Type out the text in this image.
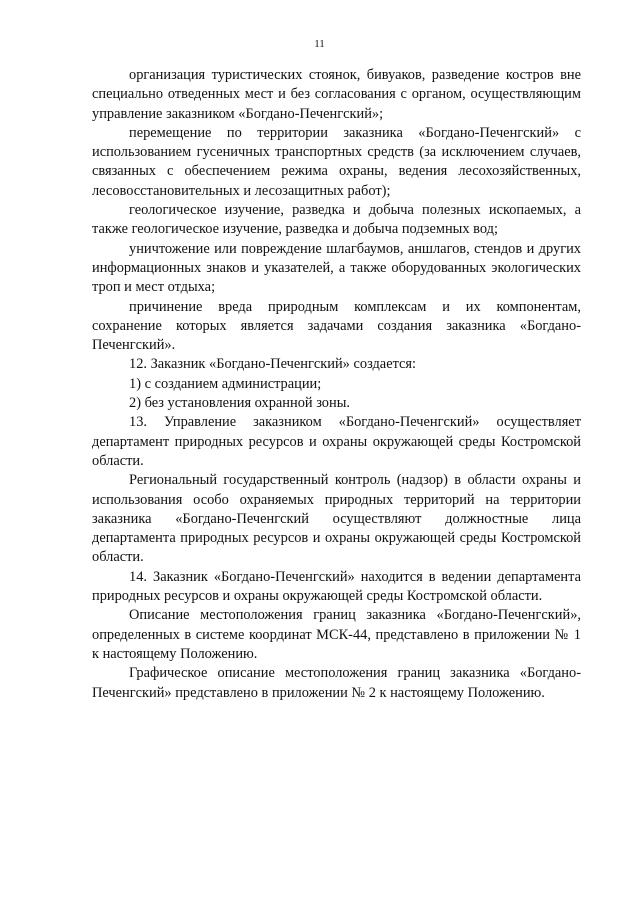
11

организация туристических стоянок, бивуаков, разведение костров вне специально отведенных мест и без согласования с органом, осуществляющим управление заказником «Богдано-Печенгский»;

перемещение по территории заказника «Богдано-Печенгский» с использованием гусеничных транспортных средств (за исключением случаев, связанных с обеспечением режима охраны, ведения лесохозяйственных, лесовосстановительных и лесозащитных работ);

геологическое изучение, разведка и добыча полезных ископаемых, а также геологическое изучение, разведка и добыча подземных вод;

уничтожение или повреждение шлагбаумов, аншлагов, стендов и других информационных знаков и указателей, а также оборудованных экологических троп и мест отдыха;

причинение вреда природным комплексам и их компонентам, сохранение которых является задачами создания заказника «Богдано-Печенгский».

12. Заказник «Богдано-Печенгский» создается:

1) с созданием администрации;

2) без установления охранной зоны.

13. Управление заказником «Богдано-Печенгский» осуществляет департамент природных ресурсов и охраны окружающей среды Костромской области.

Региональный государственный контроль (надзор) в области охраны и использования особо охраняемых природных территорий на территории заказника «Богдано-Печенгский осуществляют должностные лица департамента природных ресурсов и охраны окружающей среды Костромской области.

14. Заказник «Богдано-Печенгский» находится в ведении департамента природных ресурсов и охраны окружающей среды Костромской области.

Описание местоположения границ заказника «Богдано-Печенгский», определенных в системе координат МСК-44, представлено в приложении № 1 к настоящему Положению.

Графическое описание местоположения границ заказника «Богдано-Печенгский» представлено в приложении № 2 к настоящему Положению.
